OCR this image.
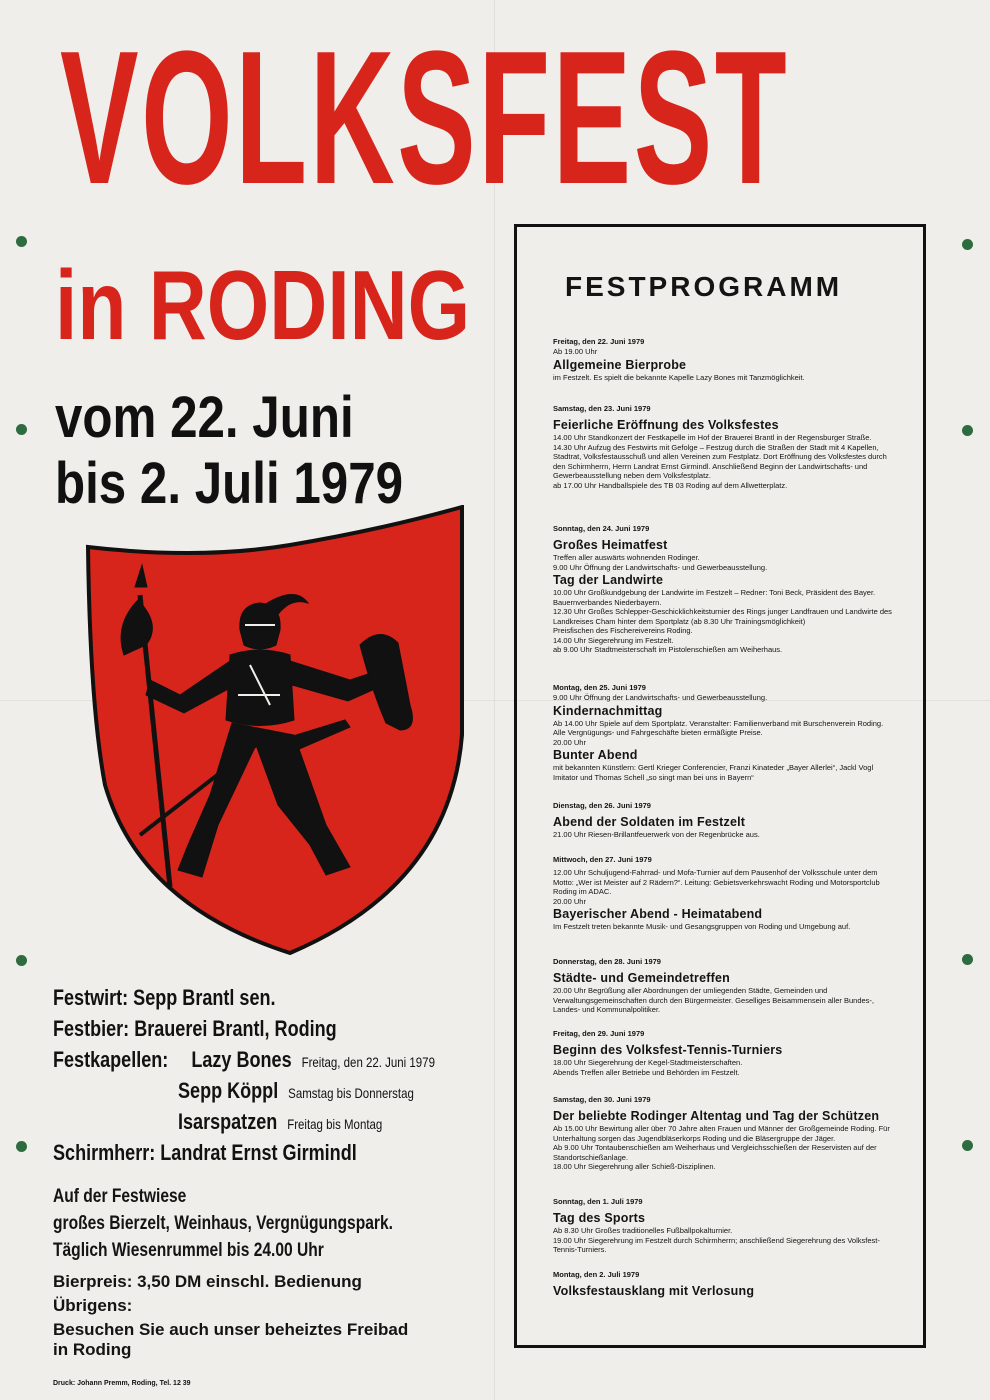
VOLKSFEST
in RODING
vom 22. Juni
bis 2. Juli 1979
Festwirt: Sepp Brantl sen.
Festbier: Brauerei Brantl, Roding
Festkapellen: Lazy Bones Freitag, den 22. Juni 1979
Sepp Köppl Samstag bis Donnerstag
Isarspatzen Freitag bis Montag
Schirmherr: Landrat Ernst Girmindl
Auf der Festwiese
großes Bierzelt, Weinhaus, Vergnügungspark.
Täglich Wiesenrummel bis 24.00 Uhr
Bierpreis: 3,50 DM einschl. Bedienung
Übrigens:
Besuchen Sie auch unser beheiztes Freibad
in Roding
Druck: Johann Premm, Roding, Tel. 12 39
FESTPROGRAMM
Freitag, den 22. Juni 1979
Ab 19.00 Uhr
Allgemeine Bierprobe
im Festzelt. Es spielt die bekannte Kapelle Lazy Bones mit Tanzmöglichkeit.
Samstag, den 23. Juni 1979
Feierliche Eröffnung des Volksfestes
14.00 Uhr Standkonzert der Festkapelle im Hof der Brauerei Brantl in der Regensburger Straße.
14.30 Uhr Aufzug des Festwirts mit Gefolge – Festzug durch die Straßen der Stadt mit 4 Kapellen, Stadtrat, Volksfestausschuß und allen Vereinen zum Festplatz. Dort Eröffnung des Volksfestes durch den Schirmherrn, Herrn Landrat Ernst Girmindl. Anschließend Beginn der Landwirtschafts- und Gewerbeausstellung neben dem Volksfestplatz.
ab 17.00 Uhr Handballspiele des TB 03 Roding auf dem Allwetterplatz.
Sonntag, den 24. Juni 1979
Großes Heimatfest
Treffen aller auswärts wohnenden Rodinger.
9.00 Uhr Öffnung der Landwirtschafts- und Gewerbeausstellung.
Tag der Landwirte
10.00 Uhr Großkundgebung der Landwirte im Festzelt – Redner: Toni Beck, Präsident des Bayer. Bauernverbandes Niederbayern.
12.30 Uhr Großes Schlepper-Geschicklichkeitsturnier des Rings junger Landfrauen und Landwirte des Landkreises Cham hinter dem Sportplatz (ab 8.30 Uhr Trainingsmöglichkeit)
Preisfischen des Fischereivereins Roding.
14.00 Uhr Siegerehrung im Festzelt.
ab 9.00 Uhr Stadtmeisterschaft im Pistolenschießen am Weiherhaus.
Montag, den 25. Juni 1979
9.00 Uhr Öffnung der Landwirtschafts- und Gewerbeausstellung.
Kindernachmittag
Ab 14.00 Uhr Spiele auf dem Sportplatz. Veranstalter: Familienverband mit Burschenverein Roding. Alle Vergnügungs- und Fahrgeschäfte bieten ermäßigte Preise.
20.00 Uhr
Bunter Abend
mit bekannten Künstlern: Gertl Krieger Conferencier, Franzi Kinateder „Bayer Allerlei“, Jackl Vogl Imitator und Thomas Schell „so singt man bei uns in Bayern“
Dienstag, den 26. Juni 1979
Abend der Soldaten im Festzelt
21.00 Uhr Riesen-Brillantfeuerwerk von der Regenbrücke aus.
Mittwoch, den 27. Juni 1979
12.00 Uhr Schuljugend-Fahrrad- und Mofa-Turnier auf dem Pausenhof der Volksschule unter dem Motto: „Wer ist Meister auf 2 Rädern?“. Leitung: Gebietsverkehrswacht Roding und Motorsportclub Roding im ADAC.
20.00 Uhr
Bayerischer Abend - Heimatabend
Im Festzelt treten bekannte Musik- und Gesangsgruppen von Roding und Umgebung auf.
Donnerstag, den 28. Juni 1979
Städte- und Gemeindetreffen
20.00 Uhr Begrüßung aller Abordnungen der umliegenden Städte, Gemeinden und Verwaltungsgemeinschaften durch den Bürgermeister. Geselliges Beisammensein aller Bundes-, Landes- und Kommunalpolitiker.
Freitag, den 29. Juni 1979
Beginn des Volksfest-Tennis-Turniers
18.00 Uhr Siegerehrung der Kegel-Stadtmeisterschaften.
Abends Treffen aller Betriebe und Behörden im Festzelt.
Samstag, den 30. Juni 1979
Der beliebte Rodinger Altentag und Tag der Schützen
Ab 15.00 Uhr Bewirtung aller über 70 Jahre alten Frauen und Männer der Großgemeinde Roding. Für Unterhaltung sorgen das Jugendbläserkorps Roding und die Bläsergruppe der Jäger.
Ab 9.00 Uhr Tontaubenschießen am Weiherhaus und Vergleichsschießen der Reservisten auf der Standortschießanlage.
18.00 Uhr Siegerehrung aller Schieß-Disziplinen.
Sonntag, den 1. Juli 1979
Tag des Sports
Ab 8.30 Uhr Großes traditionelles Fußballpokalturnier.
19.00 Uhr Siegerehrung im Festzelt durch Schirmherrn; anschließend Siegerehrung des Volksfest-Tennis-Turniers.
Montag, den 2. Juli 1979
Volksfestausklang mit Verlosung
